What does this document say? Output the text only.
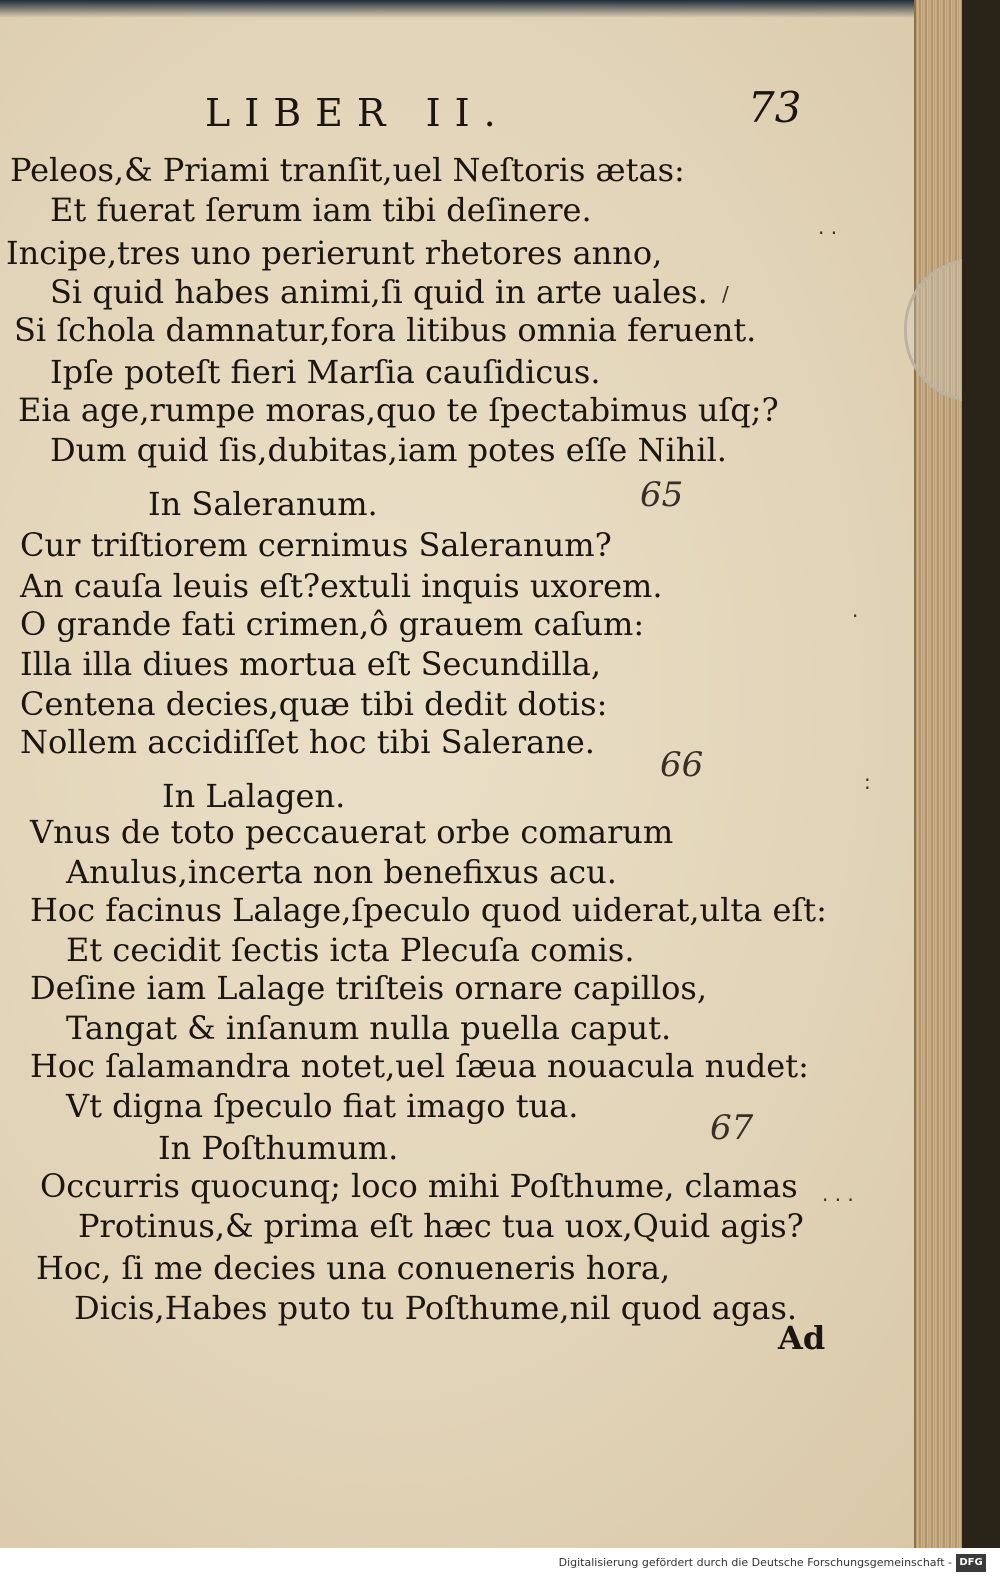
LIBER II.	73
Peleos,& Priami tranſit,uel Neſtoris ætas:
Et fuerat ſerum iam tibi deſinere.
Incipe,tres uno perierunt rhetores anno,
Si quid habes animi,ſi quid in arte uales.
Si ſchola damnatur,fora litibus omnia feruent.
Ipſe poteſt fieri Marſia cauſidicus.
Eia age,rumpe moras,quo te ſpectabimus uſq;?
Dum quid ſis,dubitas,iam potes eſſe Nihil.
In Saleranum.	65
Cur triſtiorem cernimus Saleranum?
An cauſa leuis eſt?extuli inquis uxorem.
O grande fati crimen,ô grauem caſum:
Illa illa diues mortua eſt Secundilla,
Centena decies,quæ tibi dedit dotis:
Nollem accidiſſet hoc tibi Salerane.
In Lalagen.
66
Vnus de toto peccauerat orbe comarum
Anulus,incerta non benefixus acu.
Hoc facinus Lalage,ſpeculo quod uiderat,ulta eſt:
Et cecidit ſectis icta Plecuſa comis.
Deſine iam Lalage triſteis ornare capillos,
Tangat & inſanum nulla puella caput.
Hoc ſalamandra notet,uel ſæua nouacula nudet:
Vt digna ſpeculo fiat imago tua.
In Poſthumum.	67
Occurris quocunq; loco mihi Poſthume, clamas
Protinus,& prima eſt hæc tua uox,Quid agis?
Hoc, ſi me decies una conueneris hora,
Dicis,Habes puto tu Poſthume,nil quod agas.
Ad
/
. .
.
:
. . .
Digitalisierung gefördert durch die Deutsche Forschungsgemeinschaft - DFG
